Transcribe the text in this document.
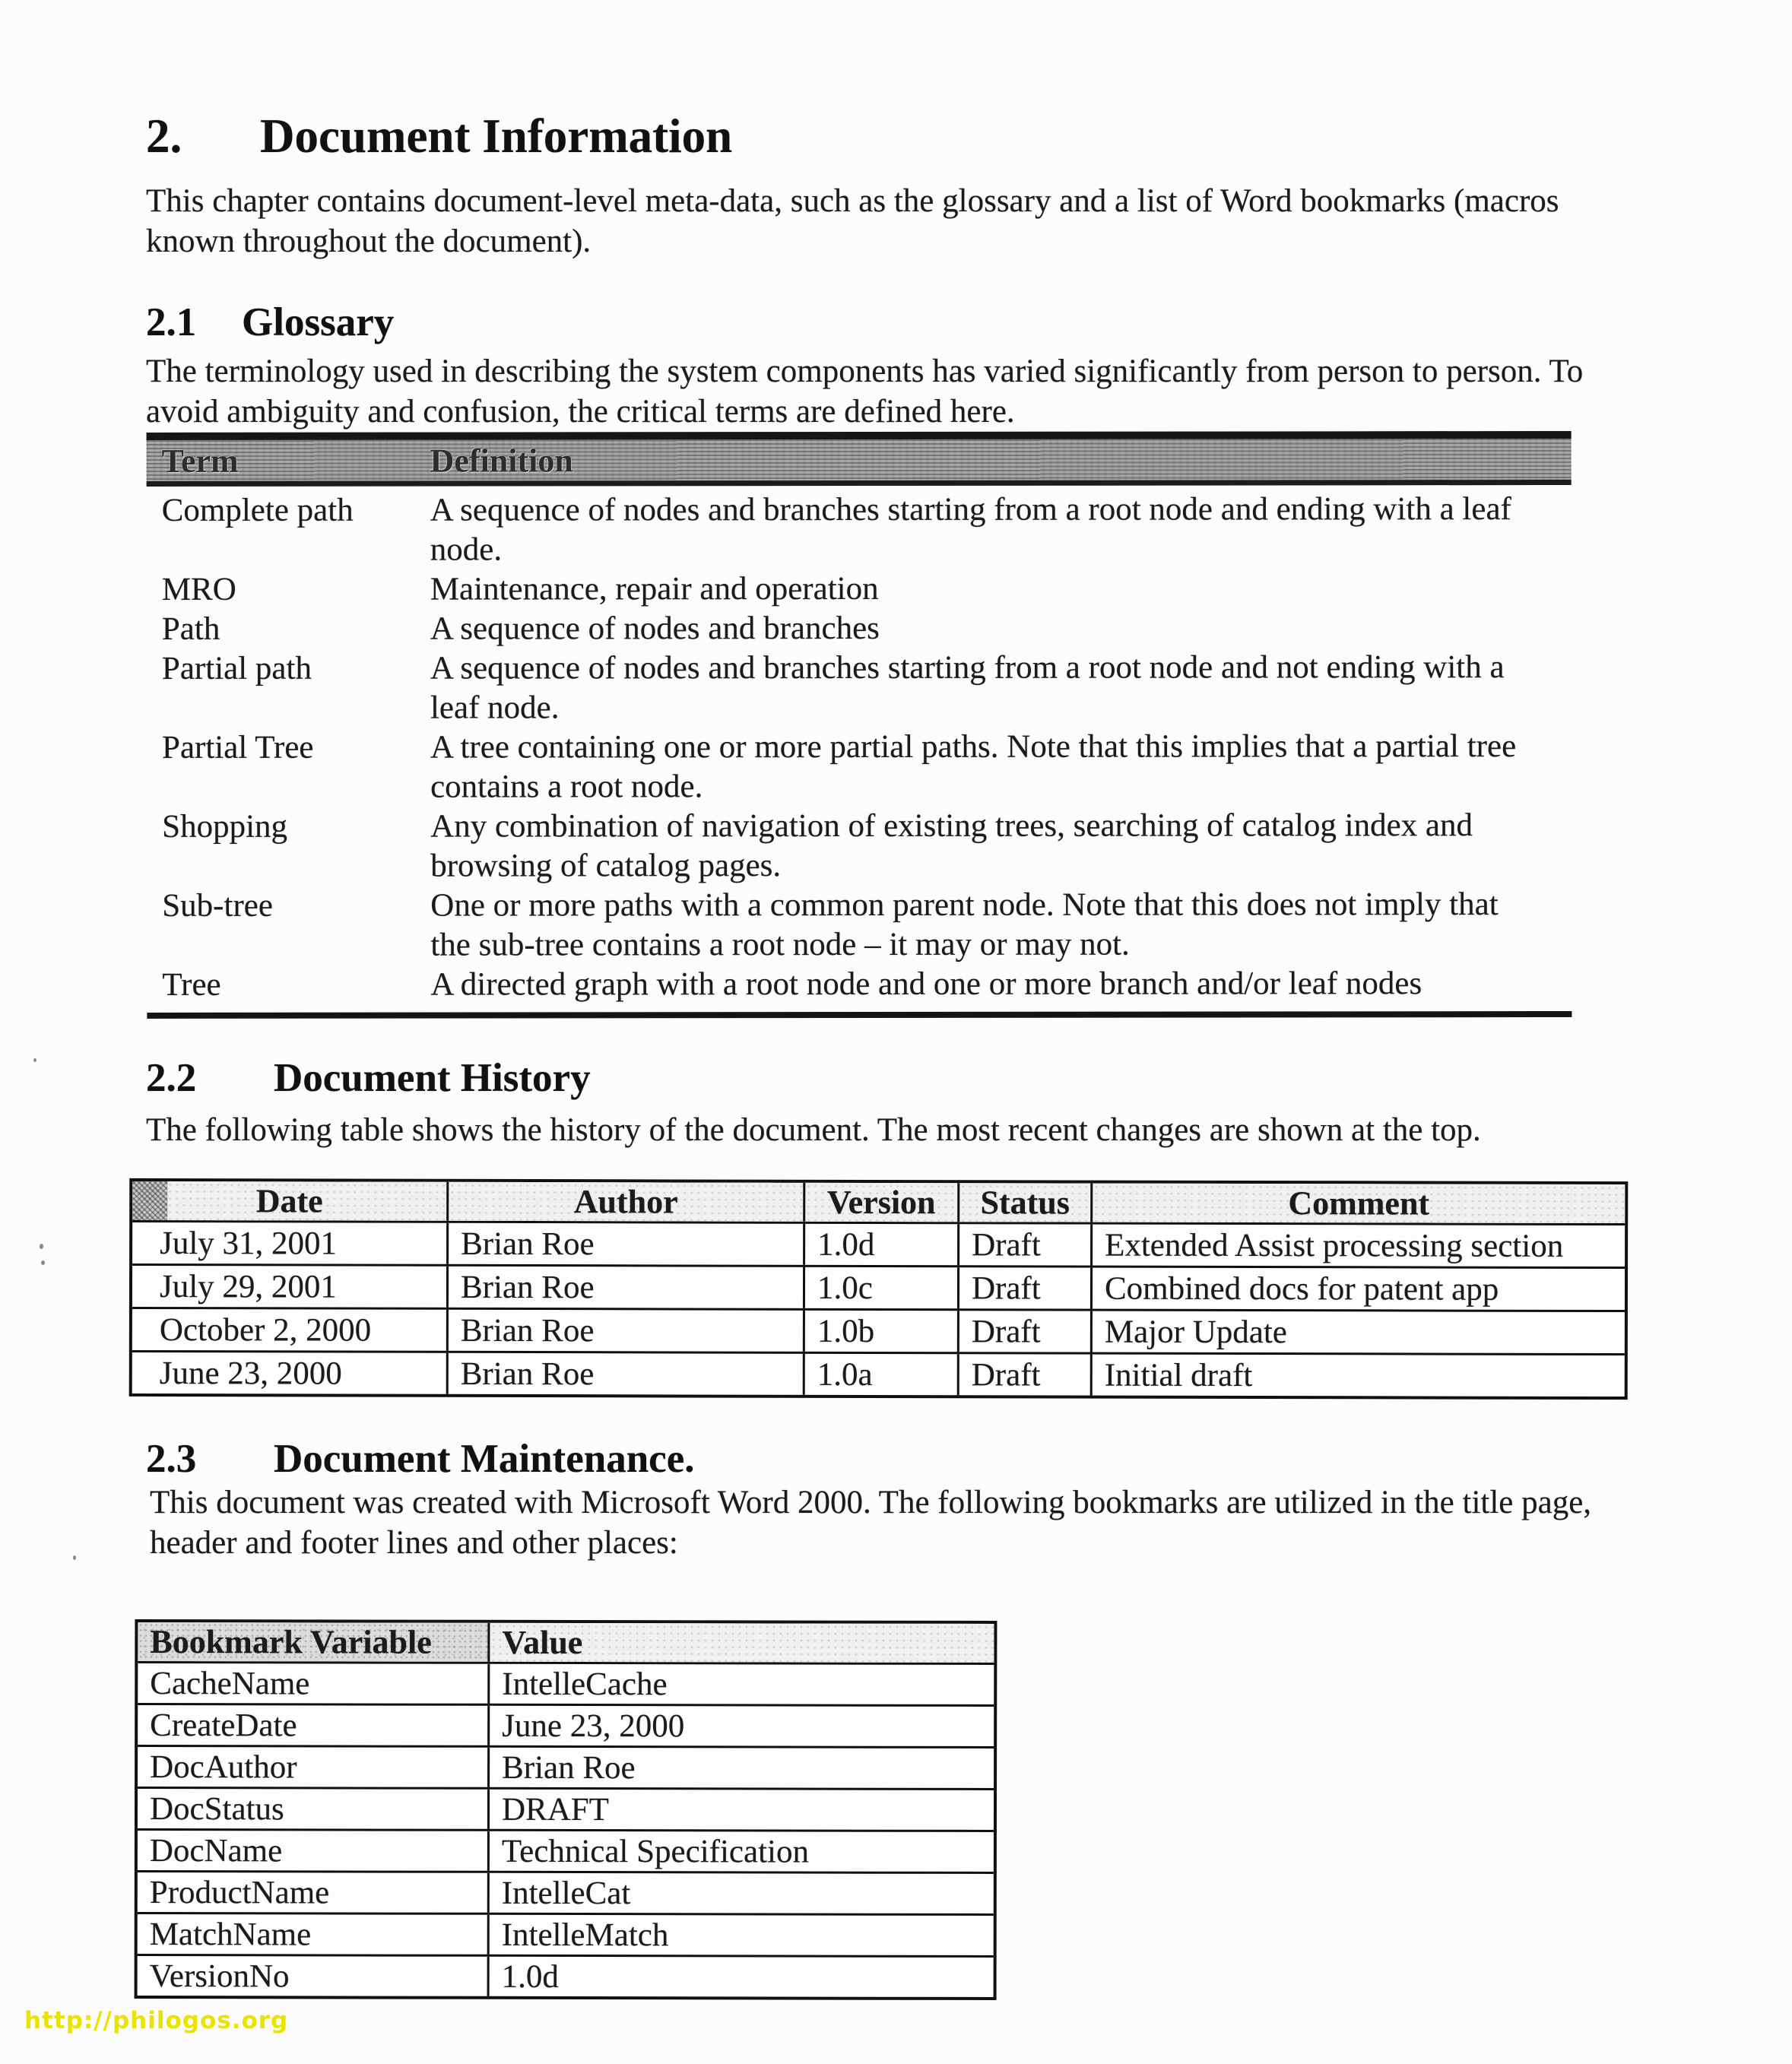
2. Document Information
This chapter contains document-level meta-data, such as the glossary and a list of Word bookmarks (macros known throughout the document).
2.1 Glossary
The terminology used in describing the system components has varied significantly from person to person. To avoid ambiguity and confusion, the critical terms are defined here.
Term	Definition
Complete path	A sequence of nodes and branches starting from a root node and ending with a leaf node.
MRO	Maintenance, repair and operation
Path	A sequence of nodes and branches
Partial path	A sequence of nodes and branches starting from a root node and not ending with a leaf node.
Partial Tree	A tree containing one or more partial paths. Note that this implies that a partial tree contains a root node.
Shopping	Any combination of navigation of existing trees, searching of catalog index and browsing of catalog pages.
Sub-tree	One or more paths with a common parent node. Note that this does not imply that the sub-tree contains a root node – it may or may not.
Tree	A directed graph with a root node and one or more branch and/or leaf nodes
2.2 Document History
The following table shows the history of the document. The most recent changes are shown at the top.
Date	Author	Version	Status	Comment
July 31, 2001	Brian Roe	1.0d	Draft	Extended Assist processing section
July 29, 2001	Brian Roe	1.0c	Draft	Combined docs for patent app
October 2, 2000	Brian Roe	1.0b	Draft	Major Update
June 23, 2000	Brian Roe	1.0a	Draft	Initial draft
2.3 Document Maintenance.
This document was created with Microsoft Word 2000. The following bookmarks are utilized in the title page, header and footer lines and other places:
Bookmark Variable	Value
CacheName	IntelleCache
CreateDate	June 23, 2000
DocAuthor	Brian Roe
DocStatus	DRAFT
DocName	Technical Specification
ProductName	IntelleCat
MatchName	IntelleMatch
VersionNo	1.0d
http://philogos.org
